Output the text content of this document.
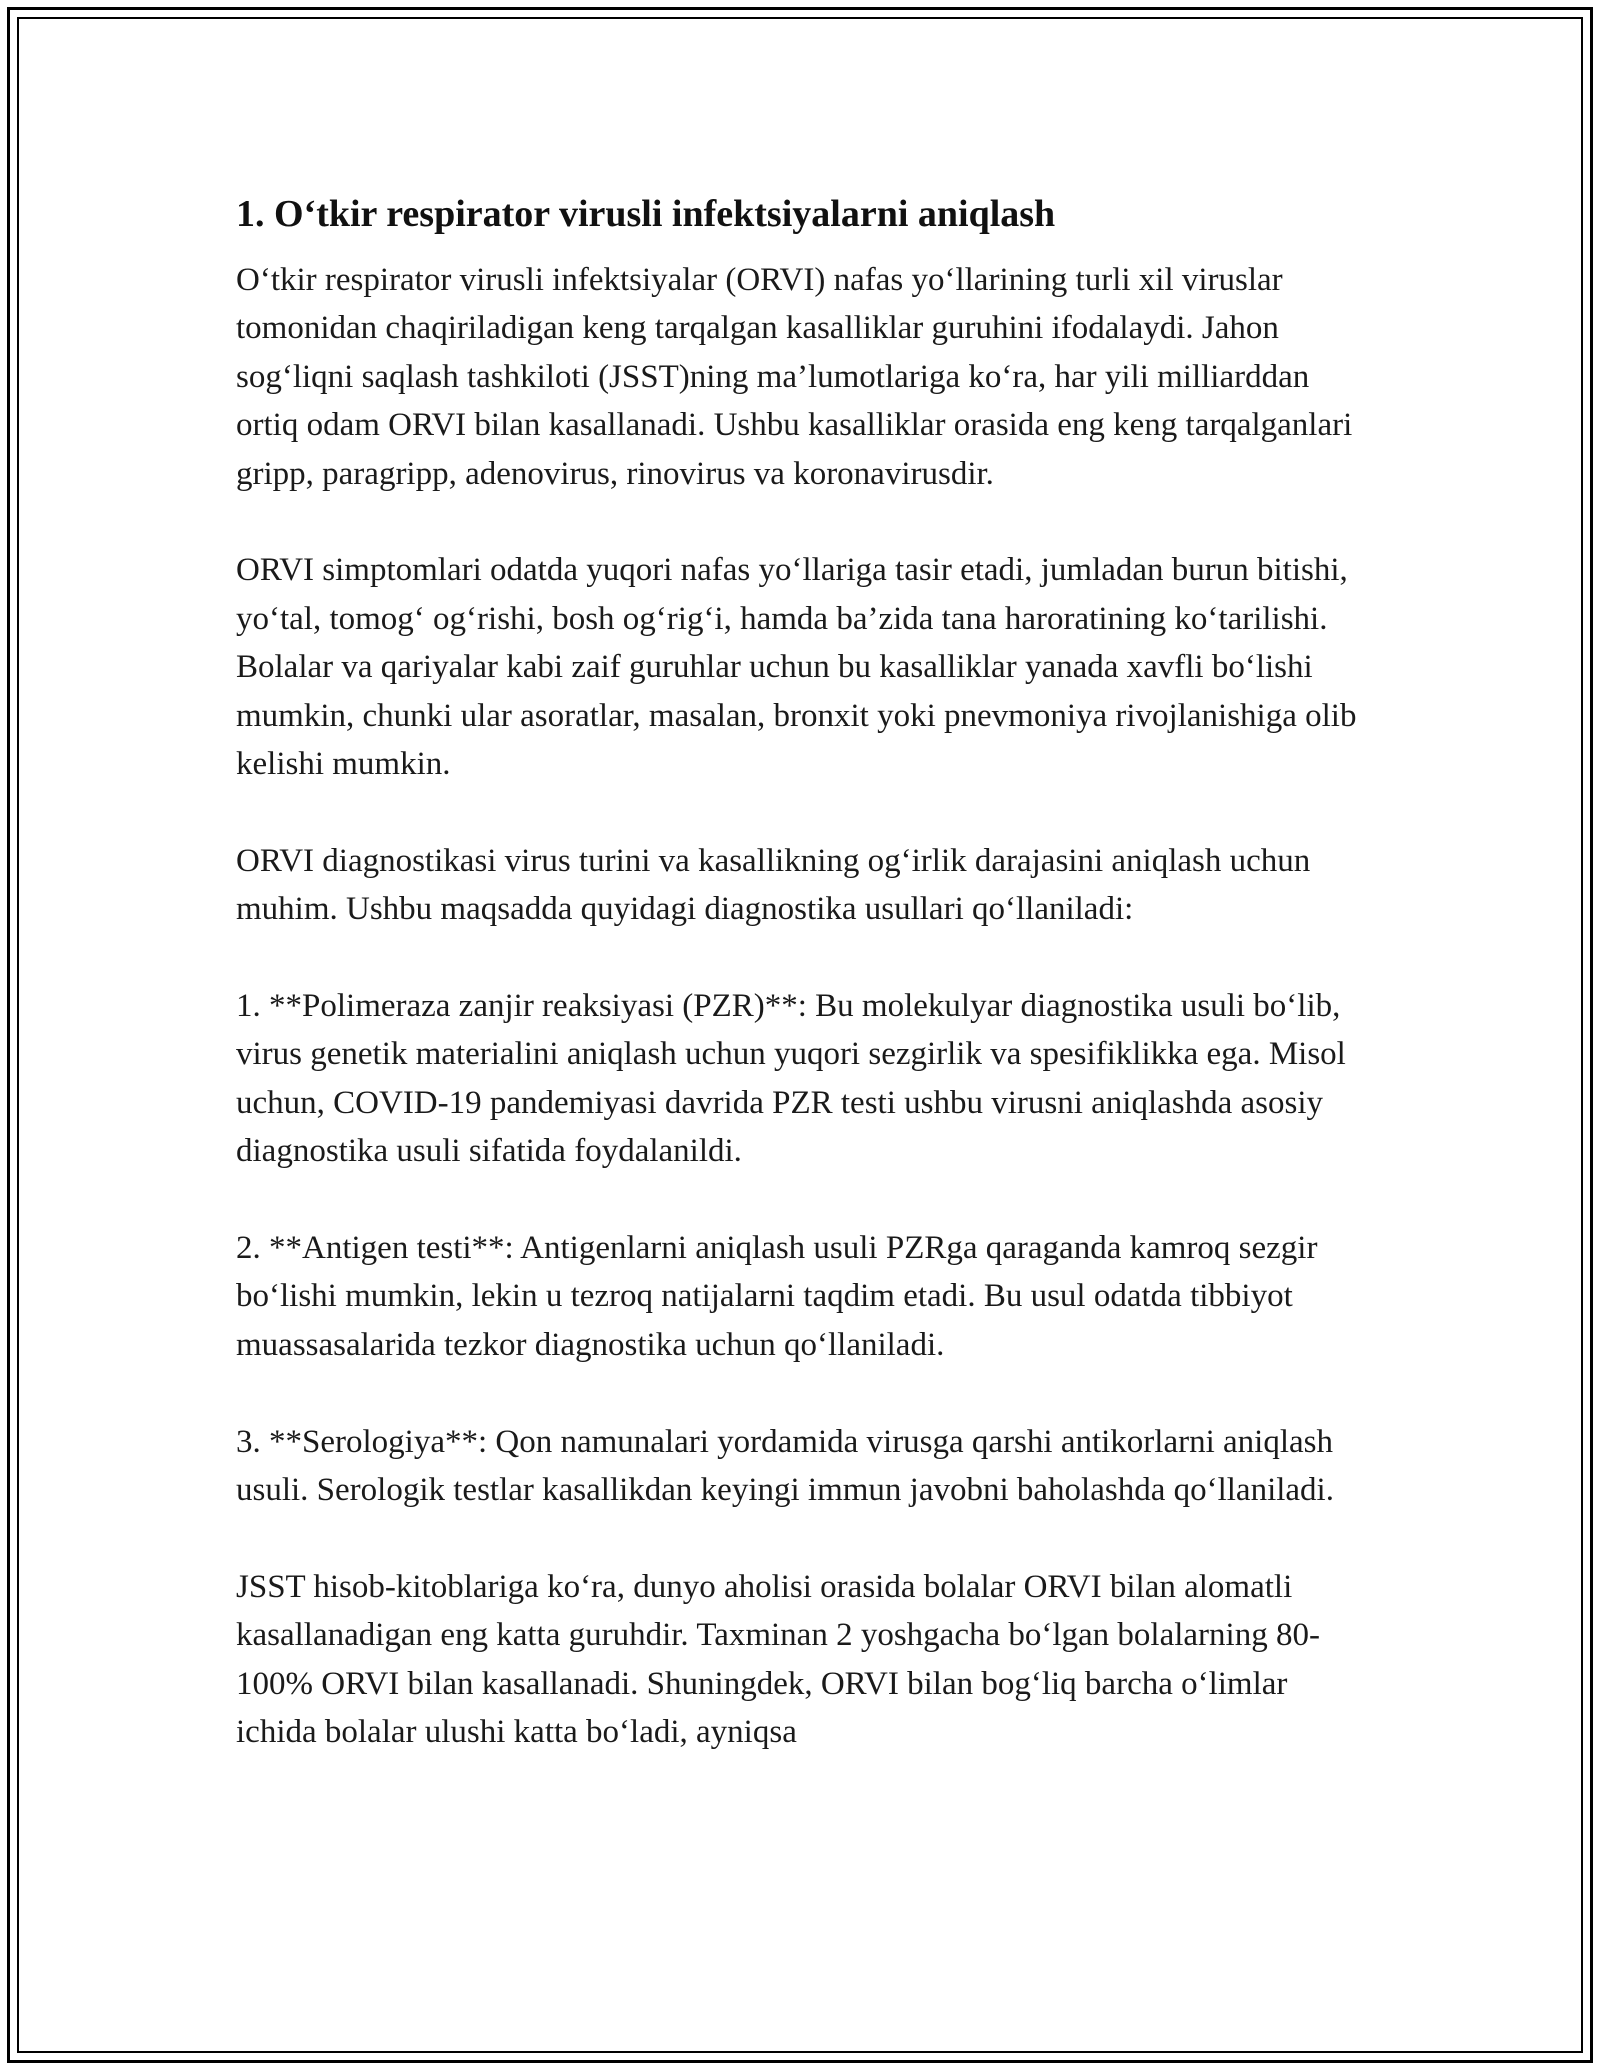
1. O‘tkir respirator virusli infektsiyalarni aniqlash

O‘tkir respirator virusli infektsiyalar (ORVI) nafas yo‘llarining turli xil viruslar tomonidan chaqiriladigan keng tarqalgan kasalliklar guruhini ifodalaydi. Jahon sog‘liqni saqlash tashkiloti (JSST)ning ma’lumotlariga ko‘ra, har yili milliarddan ortiq odam ORVI bilan kasallanadi. Ushbu kasalliklar orasida eng keng tarqalganlari gripp, paragripp, adenovirus, rinovirus va koronavirusdir.

ORVI simptomlari odatda yuqori nafas yo‘llariga tasir etadi, jumladan burun bitishi, yo‘tal, tomog‘ og‘rishi, bosh og‘rig‘i, hamda ba’zida tana haroratining ko‘tarilishi. Bolalar va qariyalar kabi zaif guruhlar uchun bu kasalliklar yanada xavfli bo‘lishi mumkin, chunki ular asoratlar, masalan, bronxit yoki pnevmoniya rivojlanishiga olib kelishi mumkin.

ORVI diagnostikasi virus turini va kasallikning og‘irlik darajasini aniqlash uchun muhim. Ushbu maqsadda quyidagi diagnostika usullari qo‘llaniladi:

1. **Polimeraza zanjir reaksiyasi (PZR)**: Bu molekulyar diagnostika usuli bo‘lib, virus genetik materialini aniqlash uchun yuqori sezgirlik va spesifiklikka ega. Misol uchun, COVID-19 pandemiyasi davrida PZR testi ushbu virusni aniqlashda asosiy diagnostika usuli sifatida foydalanildi.

2. **Antigen testi**: Antigenlarni aniqlash usuli PZRga qaraganda kamroq sezgir bo‘lishi mumkin, lekin u tezroq natijalarni taqdim etadi. Bu usul odatda tibbiyot muassasalarida tezkor diagnostika uchun qo‘llaniladi.

3. **Serologiya**: Qon namunalari yordamida virusga qarshi antikorlarni aniqlash usuli. Serologik testlar kasallikdan keyingi immun javobni baholashda qo‘llaniladi.

JSST hisob-kitoblariga ko‘ra, dunyo aholisi orasida bolalar ORVI bilan alomatli kasallanadigan eng katta guruhdir. Taxminan 2 yoshgacha bo‘lgan bolalarning 80-100% ORVI bilan kasallanadi. Shuningdek, ORVI bilan bog‘liq barcha o‘limlar ichida bolalar ulushi katta bo‘ladi, ayniqsa
